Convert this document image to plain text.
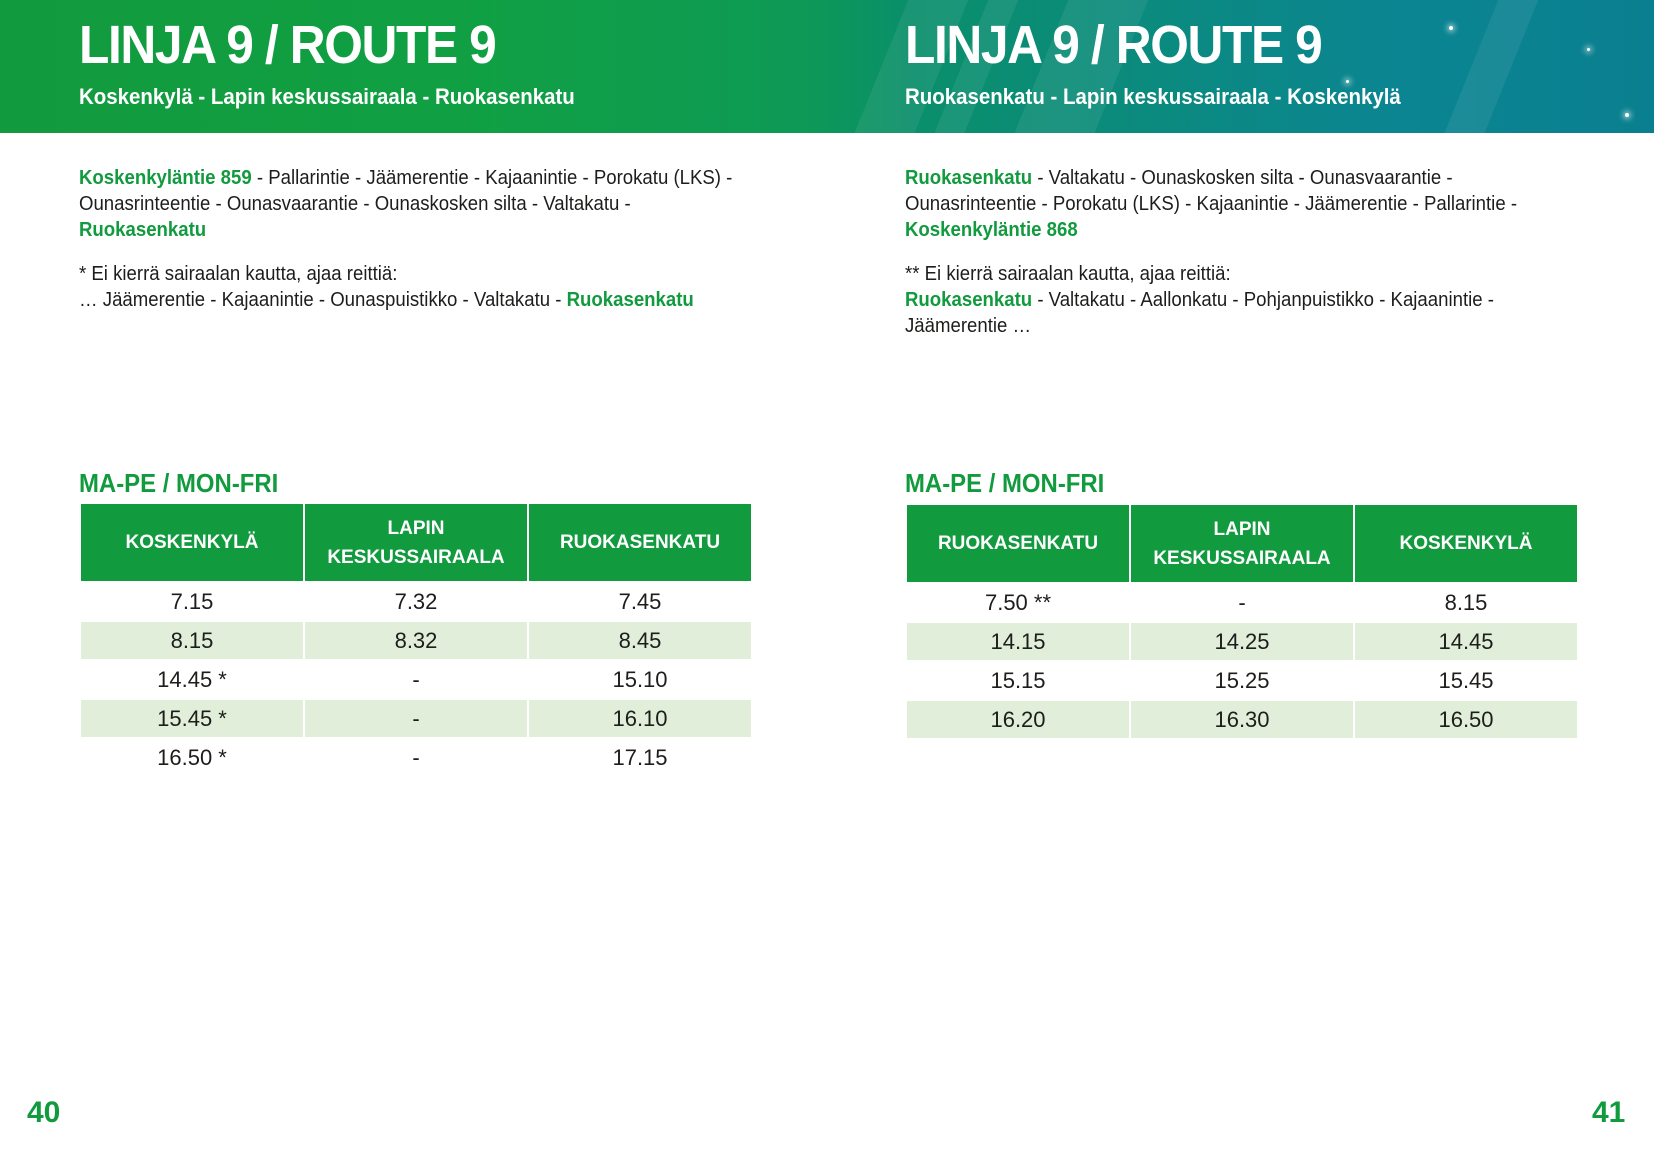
LINJA 9 / ROUTE 9

Koskenkylä - Lapin keskussairaala - Ruokasenkatu

LINJA 9 / ROUTE 9

Ruokasenkatu - Lapin keskussairaala - Koskenkylä

Koskenkyläntie 859 - Pallarintie - Jäämerentie - Kajaanintie - Porokatu (LKS) - Ounasrinteentie - Ounasvaarantie - Ounaskosken silta - Valtakatu - Ruokasenkatu

* Ei kierrä sairaalan kautta, ajaa reittiä:
… Jäämerentie - Kajaanintie - Ounaspuistikko - Valtakatu - Ruokasenkatu

MA-PE / MON-FRI

KOSKENKYLÄ	LAPIN KESKUSSAIRAALA	RUOKASENKATU
7.15	7.32	7.45
8.15	8.32	8.45
14.45 *	-	15.10
15.45 *	-	16.10
16.50 *	-	17.15

40

Ruokasenkatu - Valtakatu - Ounaskosken silta - Ounasvaarantie - Ounasrinteentie - Porokatu (LKS) - Kajaanintie - Jäämerentie - Pallarintie - Koskenkyläntie 868

** Ei kierrä sairaalan kautta, ajaa reittiä:
Ruokasenkatu - Valtakatu - Aallonkatu - Pohjanpuistikko - Kajaanintie - Jäämerentie …

MA-PE / MON-FRI

RUOKASENKATU	LAPIN KESKUSSAIRAALA	KOSKENKYLÄ
7.50 **	-	8.15
14.15	14.25	14.45
15.15	15.25	15.45
16.20	16.30	16.50

41
